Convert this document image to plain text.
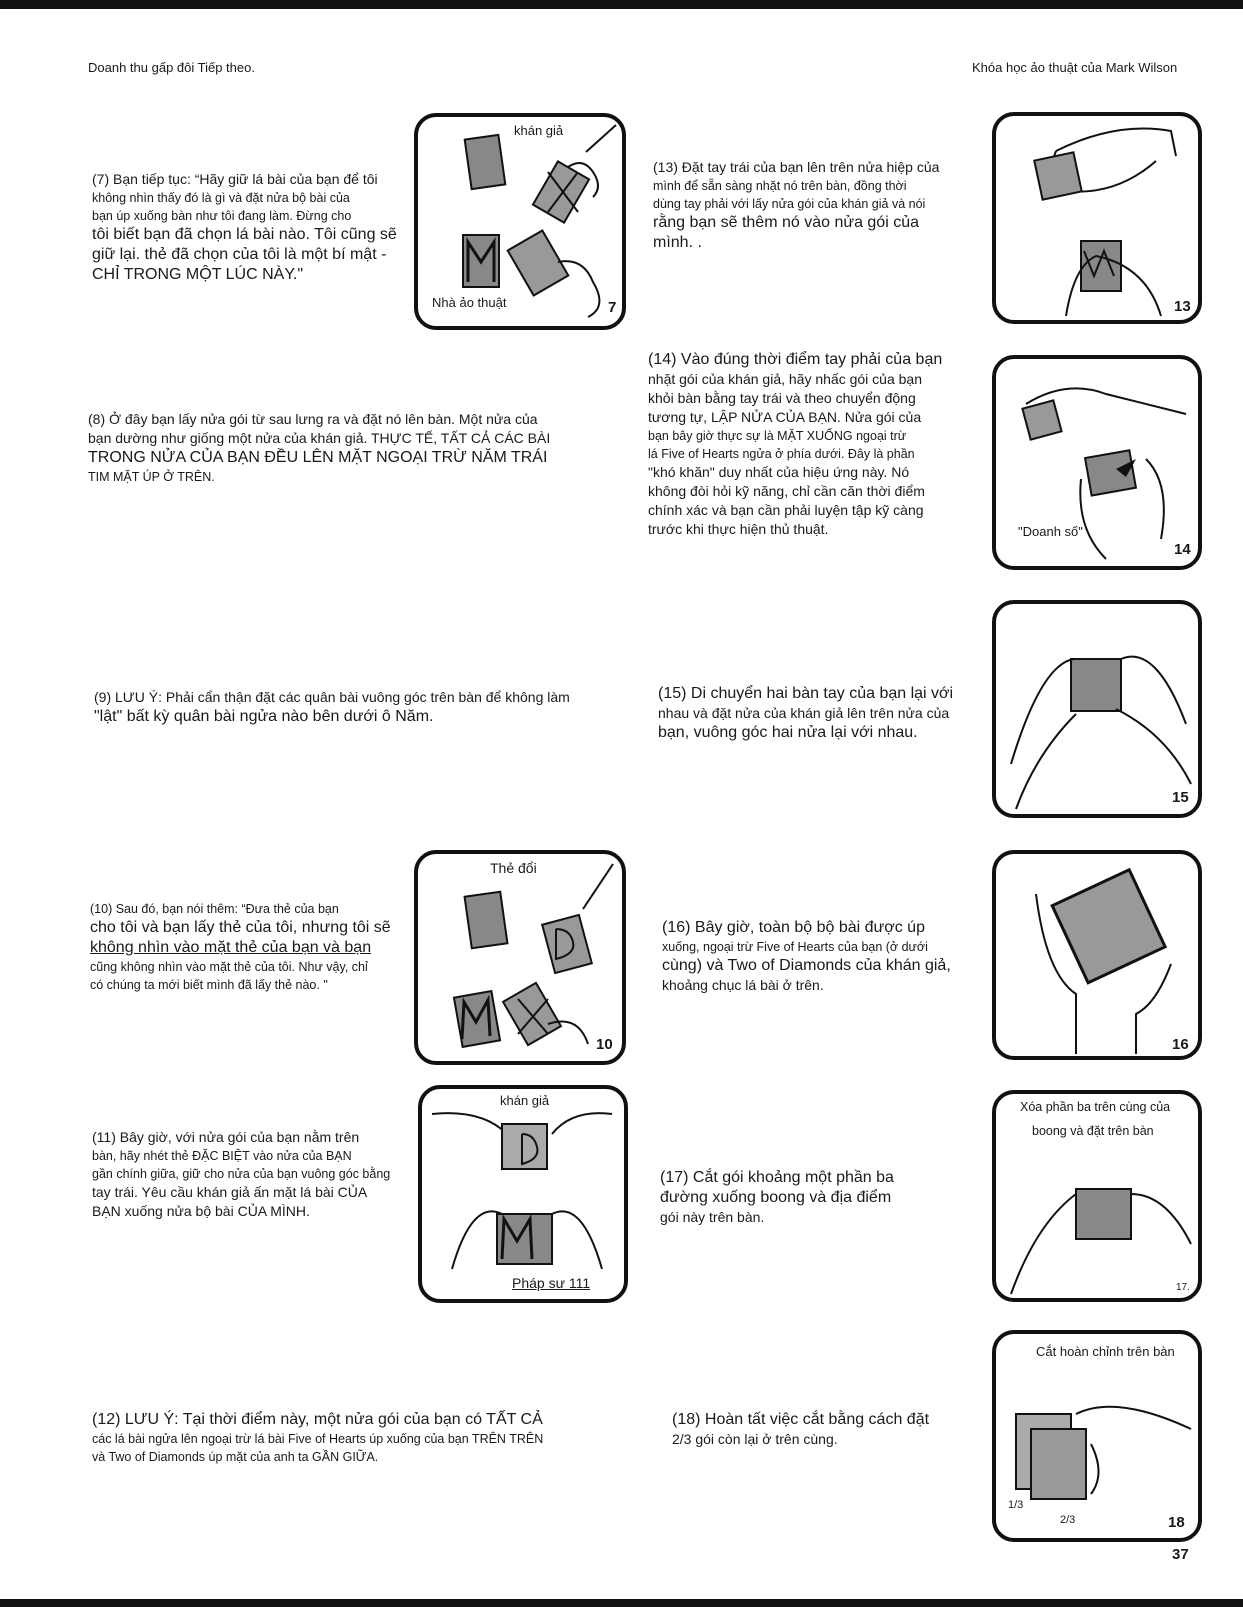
Doanh thu gấp đôi Tiếp theo.	Khóa học ảo thuật của Mark Wilson
(7) Bạn tiếp tục: “Hãy giữ lá bài của bạn để tôi
không nhìn thấy đó là gì và đặt nửa bộ bài của
bạn úp xuống bàn như tôi đang làm. Đừng cho
tôi biết bạn đã chọn lá bài nào. Tôi cũng sẽ
giữ lại. thẻ đã chọn của tôi là một bí mật -
CHỈ TRONG MỘT LÚC NÀY."
khán giả
Nhà ảo thuật	7
(13) Đặt tay trái của bạn lên trên nửa hiệp của
mình để sẵn sàng nhặt nó trên bàn, đồng thời
dùng tay phải với lấy nửa gói của khán giả và nói
rằng bạn sẽ thêm nó vào nửa gói của
mình. .
13
(14) Vào đúng thời điểm tay phải của bạn
nhặt gói của khán giả, hãy nhấc gói của bạn
khỏi bàn bằng tay trái và theo chuyển động
tương tự, LẬP NỬA CỦA BẠN. Nửa gói của
bạn bây giờ thực sự là MẶT XUỐNG ngoại trừ
lá Five of Hearts ngửa ở phía dưới. Đây là phần
"khó khăn" duy nhất của hiệu ứng này. Nó
không đòi hỏi kỹ năng, chỉ cần căn thời điểm
chính xác và bạn cần phải luyện tập kỹ càng
trước khi thực hiện thủ thuật.	"Doanh số"
14
(8) Ở đây bạn lấy nửa gói từ sau lưng ra và đặt nó lên bàn. Một nửa của
bạn dường như giống một nửa của khán giả. THỰC TẾ, TẤT CẢ CÁC BÀI
TRONG NỬA CỦA BẠN ĐỀU LÊN MẶT NGOẠI TRỪ NĂM TRÁI
TIM MẶT ÚP Ở TRÊN.
15
(9) LƯU Ý: Phải cẩn thận đặt các quân bài vuông góc trên bàn để không làm
"lật" bất kỳ quân bài ngửa nào bên dưới ô Năm.
(15) Di chuyển hai bàn tay của bạn lại với
nhau và đặt nửa của khán giả lên trên nửa của
bạn, vuông góc hai nửa lại với nhau.
Thẻ đổi
10
(10) Sau đó, bạn nói thêm: “Đưa thẻ của bạn
cho tôi và bạn lấy thẻ của tôi, nhưng tôi sẽ
không nhìn vào mặt thẻ của bạn và bạn
cũng không nhìn vào mặt thẻ của tôi. Như vậy, chỉ
có chúng ta mới biết mình đã lấy thẻ nào. "
16
(16) Bây giờ, toàn bộ bộ bài được úp
xuống, ngoại trừ Five of Hearts của bạn (ở dưới
cùng) và Two of Diamonds của khán giả,
khoảng chục lá bài ở trên.
khán giả
Pháp sư 111
(11) Bây giờ, với nửa gói của bạn nằm trên
bàn, hãy nhét thẻ ĐẶC BIỆT vào nửa của BẠN
gần chính giữa, giữ cho nửa của bạn vuông góc bằng
tay trái. Yêu cầu khán giả ấn mặt lá bài CỦA
BẠN xuống nửa bộ bài CỦA MÌNH.
Xóa phần ba trên cùng của
boong và đặt trên bàn
17.
(17) Cắt gói khoảng một phần ba
đường xuống boong và địa điểm
gói này trên bàn.
Cắt hoàn chỉnh trên bàn
1/3
2/3	18
(12) LƯU Ý: Tại thời điểm này, một nửa gói của bạn có TẤT CẢ
các lá bài ngửa lên ngoại trừ lá bài Five of Hearts úp xuống của bạn TRÊN TRÊN
và Two of Diamonds úp mặt của anh ta GẦN GIỮA.
(18) Hoàn tất việc cắt bằng cách đặt
2/3 gói còn lại ở trên cùng.
37
